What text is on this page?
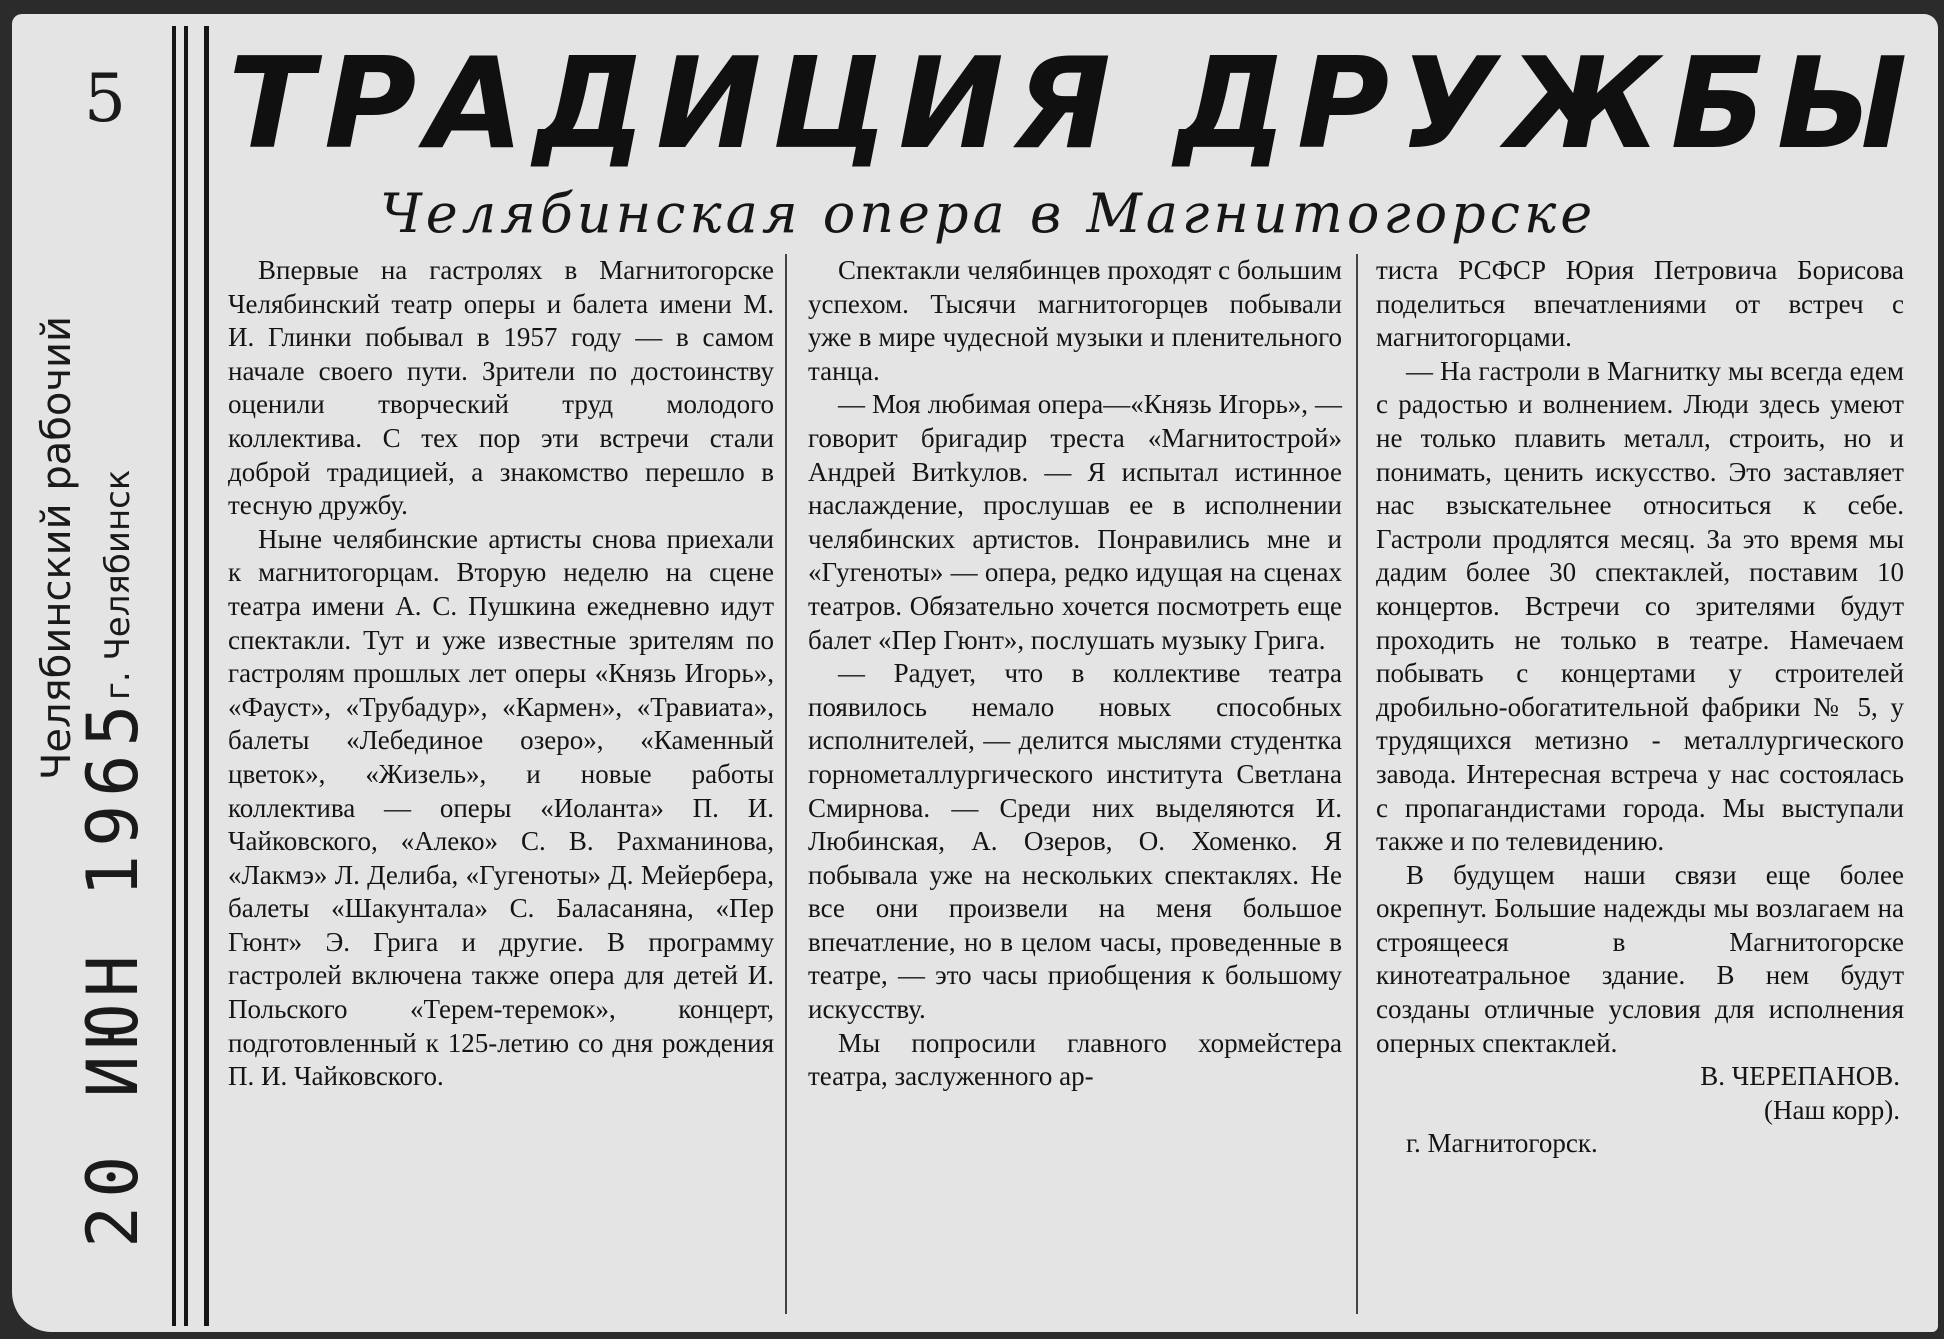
5
Челябинский рабочий г. Челябинск
20 ИЮН 1965
ТРАДИЦИЯ ДРУЖБЫ
Челябинская опера в Магнитогорске

Впервые на гастролях в Магнитогорске Челябинский театр оперы и балета имени М. И. Глинки побывал в 1957 году — в самом начале своего пути. Зрители по достоинству оценили творческий труд молодого коллектива. С тех пор эти встречи стали доброй традицией, а знакомство перешло в тесную дружбу.

Ныне челябинские артисты снова приехали к магнитогорцам. Вторую неделю на сцене театра имени А. С. Пушкина ежедневно идут спектакли. Тут и уже известные зрителям по гастролям прошлых лет оперы «Князь Игорь», «Фауст», «Трубадур», «Кармен», «Травиата», балеты «Лебединое озеро», «Каменный цветок», «Жизель», и новые работы коллектива — оперы «Иоланта» П. И. Чайковского, «Алеко» С. В. Рахманинова, «Лакмэ» Л. Делиба, «Гугеноты» Д. Мейербера, балеты «Шакунтала» С. Баласаняна, «Пер Гюнт» Э. Грига и другие. В программу гастролей включена также опера для детей И. Польского «Терем-теремок», концерт, подготовленный к 125-летию со дня рождения П. И. Чайковского.

Спектакли челябинцев проходят с большим успехом. Тысячи магнитогорцев побывали уже в мире чудесной музыки и пленительного танца.

— Моя любимая опера—«Князь Игорь», — говорит бригадир треста «Магнитострой» Андрей Витkулов. — Я испытал истинное наслаждение, прослушав ее в исполнении челябинских артистов. Понравились мне и «Гугеноты» — опера, редко идущая на сценах театров. Обязательно хочется посмотреть еще балет «Пер Гюнт», послушать музыку Грига.

— Радует, что в коллективе театра появилось немало новых способных исполнителей, — делится мыслями студентка горнометаллургического института Светлана Смирнова. — Среди них выделяются И. Любинская, А. Озеров, О. Хоменко. Я побывала уже на нескольких спектаклях. Не все они произвели на меня большое впечатление, но в целом часы, проведенные в театре, — это часы приобщения к большому искусству.

Мы попросили главного хормейстера театра, заслуженного ар-

тиста РСФСР Юрия Петровича Борисова поделиться впечатлениями от встреч с магнитогорцами.

— На гастроли в Магнитку мы всегда едем с радостью и волнением. Люди здесь умеют не только плавить металл, строить, но и понимать, ценить искусство. Это заставляет нас взыскательнее относиться к себе. Гастроли продлятся месяц. За это время мы дадим более 30 спектаклей, поставим 10 концертов. Встречи со зрителями будут проходить не только в театре. Намечаем побывать с концертами у строителей дробильно-обогатительной фабрики № 5, у трудящихся метизно - металлургического завода. Интересная встреча у нас состоялась с пропагандистами города. Мы выступали также и по телевидению.

В будущем наши связи еще более окрепнут. Большие надежды мы возлагаем на строящееся в Магнитогорске кинотеатральное здание. В нем будут созданы отличные условия для исполнения оперных спектаклей.

В. ЧЕРЕПАНОВ.
(Наш корр).

г. Магнитогорск.
